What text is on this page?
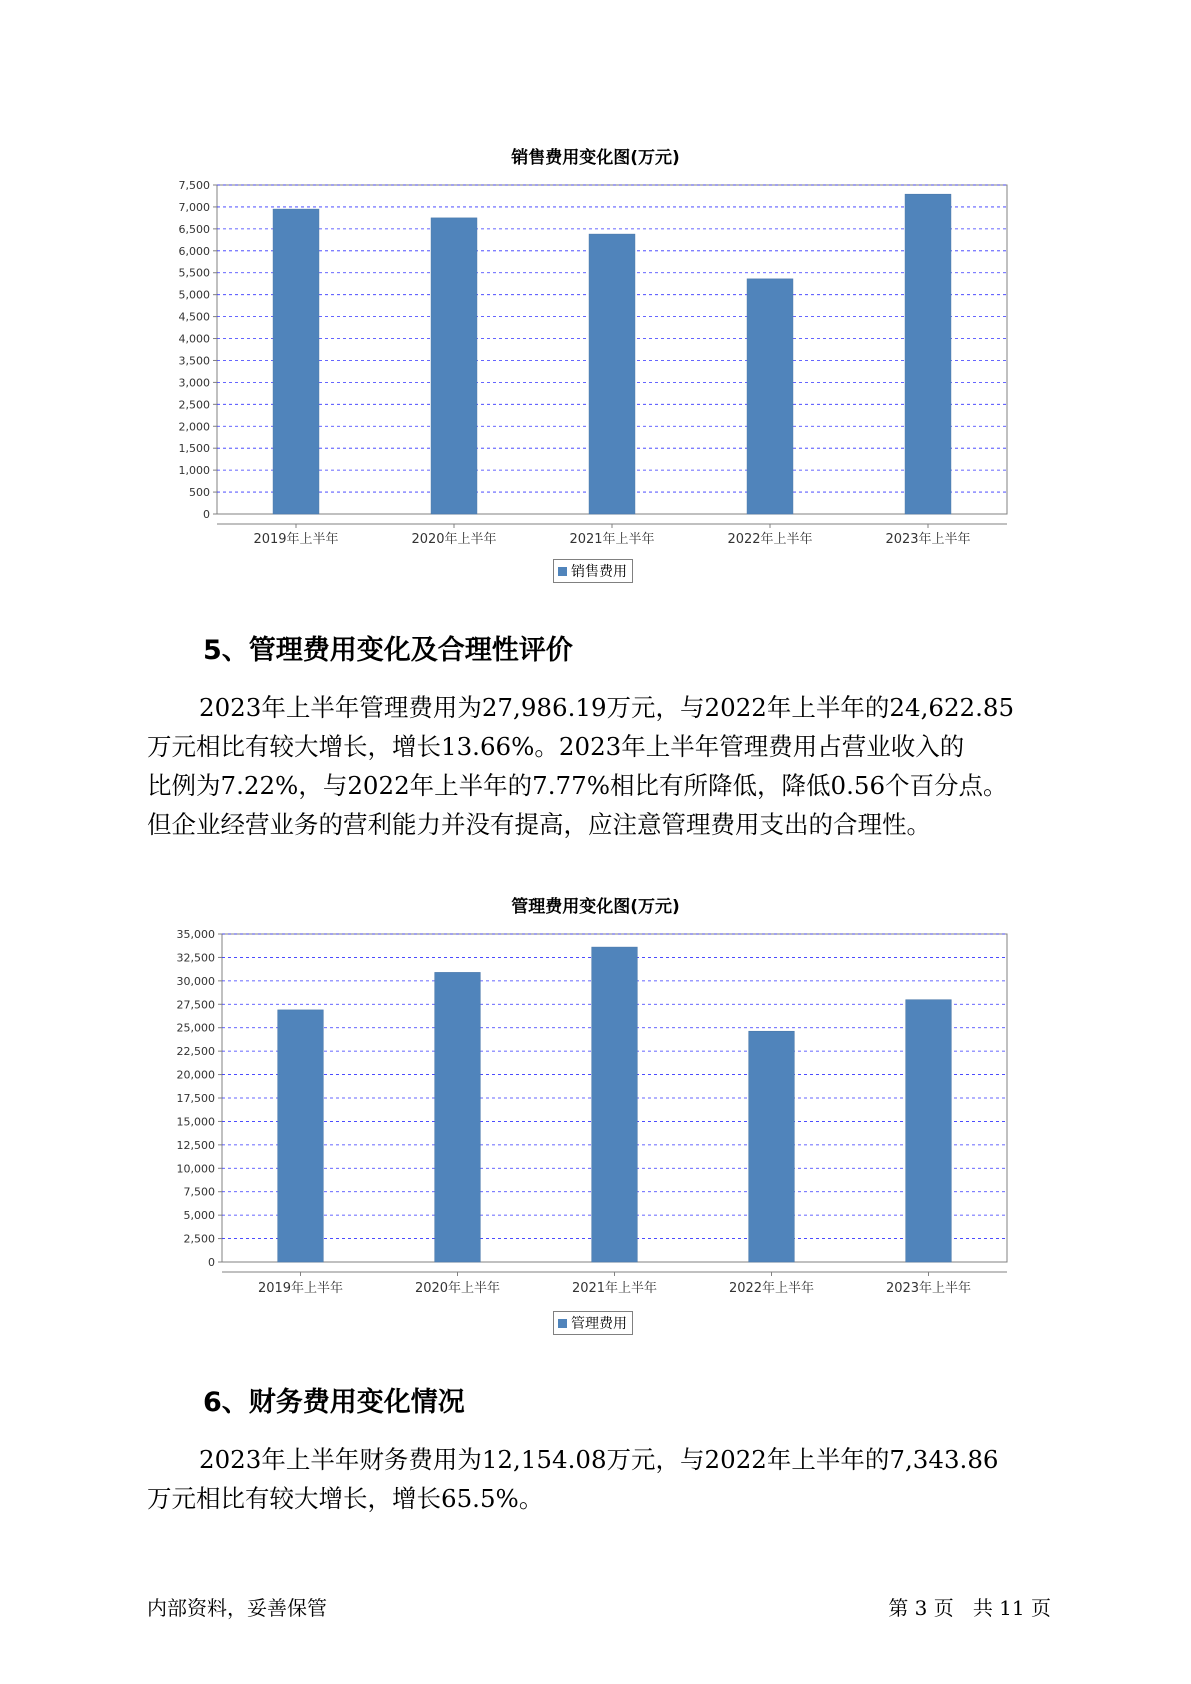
销售费用变化图(万元)
0
500
1,000
1,500
2,000
2,500
3,000
3,500
4,000
4,500
5,000
5,500
6,000
6,500
7,000
7,500
2019年上半年	2020年上半年	2021年上半年	2022年上半年	2023年上半年
销售费用
5、管理费用变化及合理性评价
2023年上半年管理费用为27,986.19万元，与2022年上半年的24,622.85
万元相比有较大增长，增长13.66%。2023年上半年管理费用占营业收入的
比例为7.22%，与2022年上半年的7.77%相比有所降低，降低0.56个百分点。
但企业经营业务的营利能力并没有提高，应注意管理费用支出的合理性。
管理费用变化图(万元)
0
2,500
5,000
7,500
10,000
12,500
15,000
17,500
20,000
22,500
25,000
27,500
30,000
32,500
35,000
2019年上半年	2020年上半年	2021年上半年	2022年上半年	2023年上半年
管理费用
6、财务费用变化情况
2023年上半年财务费用为12,154.08万元，与2022年上半年的7,343.86
万元相比有较大增长，增长65.5%。
内部资料，妥善保管	第 3 页   共 11 页
